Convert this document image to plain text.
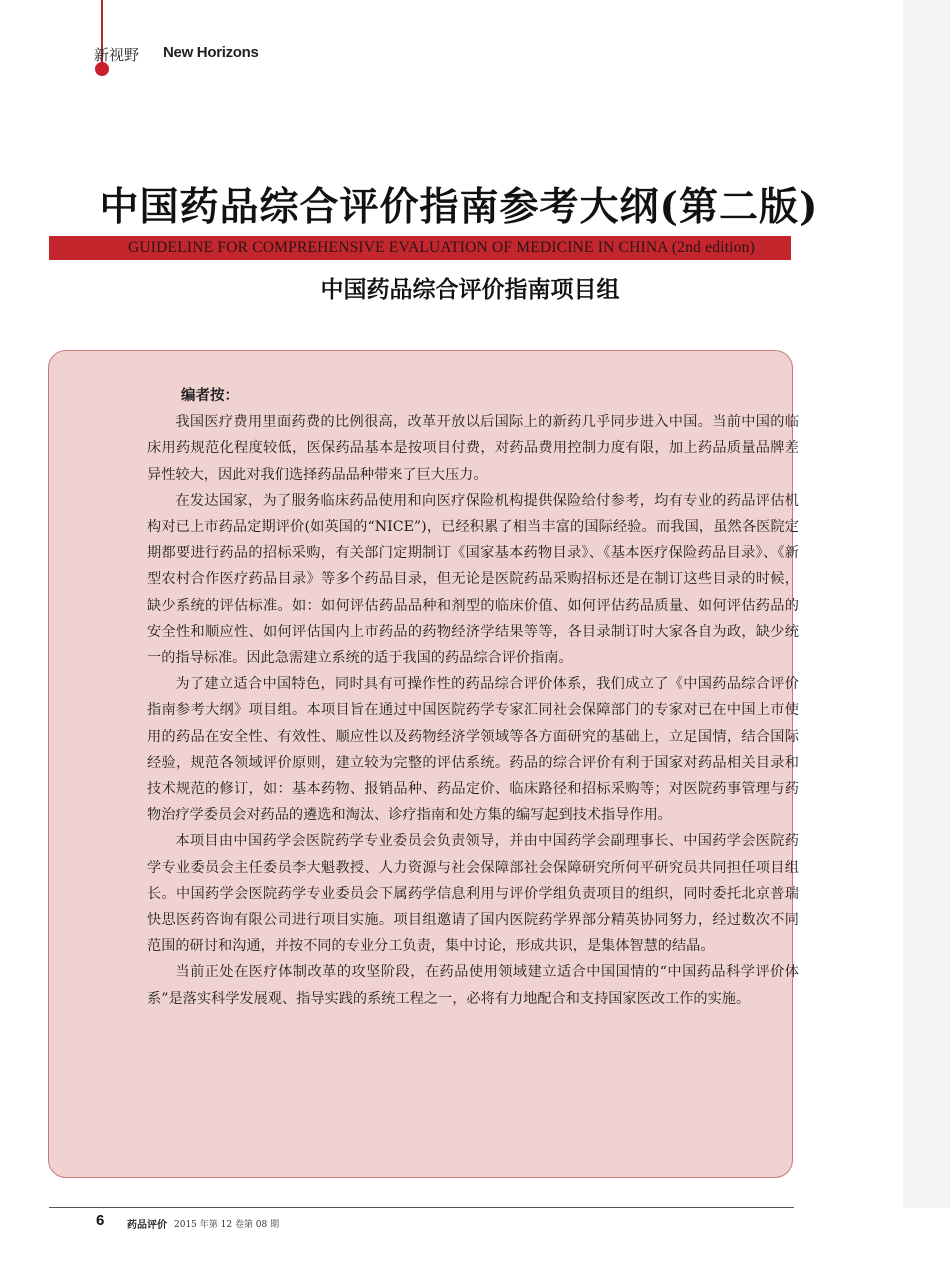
新视野 New Horizons
中国药品综合评价指南参考大纲(第二版)
GUIDELINE FOR COMPREHENSIVE EVALUATION OF MEDICINE IN CHINA (2nd edition)
中国药品综合评价指南项目组
编者按：

我国医疗费用里面药费的比例很高，改革开放以后国际上的新药几乎同步进入中国。当前中国的临床用药规范化程度较低，医保药品基本是按项目付费，对药品费用控制力度有限，加上药品质量品牌差异性较大，因此对我们选择药品品种带来了巨大压力。

在发达国家，为了服务临床药品使用和向医疗保险机构提供保险给付参考，均有专业的药品评估机构对已上市药品定期评价(如英国的“NICE”)，已经积累了相当丰富的国际经验。而我国，虽然各医院定期都要进行药品的招标采购，有关部门定期制订《国家基本药物目录》、《基本医疗保险药品目录》、《新型农村合作医疗药品目录》等多个药品目录，但无论是医院药品采购招标还是在制订这些目录的时候，缺少系统的评估标准。如：如何评估药品品种和剂型的临床价值、如何评估药品质量、如何评估药品的安全性和顺应性、如何评估国内上市药品的药物经济学结果等等，各目录制订时大家各自为政，缺少统一的指导标准。因此急需建立系统的适于我国的药品综合评价指南。

为了建立适合中国特色，同时具有可操作性的药品综合评价体系，我们成立了《中国药品综合评价指南参考大纲》项目组。本项目旨在通过中国医院药学专家汇同社会保障部门的专家对已在中国上市使用的药品在安全性、有效性、顺应性以及药物经济学领域等各方面研究的基础上，立足国情，结合国际经验，规范各领域评价原则，建立较为完整的评估系统。药品的综合评价有利于国家对药品相关目录和技术规范的修订，如：基本药物、报销品种、药品定价、临床路径和招标采购等；对医院药事管理与药物治疗学委员会对药品的遴选和淘汰、诊疗指南和处方集的编写起到技术指导作用。

本项目由中国药学会医院药学专业委员会负责领导，并由中国药学会副理事长、中国药学会医院药学专业委员会主任委员李大魁教授、人力资源与社会保障部社会保障研究所何平研究员共同担任项目组长。中国药学会医院药学专业委员会下属药学信息利用与评价学组负责项目的组织，同时委托北京普瑞快思医药咨询有限公司进行项目实施。项目组邀请了国内医院药学界部分精英协同努力，经过数次不同范围的研讨和沟通，并按不同的专业分工负责，集中讨论，形成共识，是集体智慧的结晶。

当前正处在医疗体制改革的攻坚阶段，在药品使用领域建立适合中国国情的“中国药品科学评价体系”是落实科学发展观、指导实践的系统工程之一，必将有力地配合和支持国家医改工作的实施。

6 药品评价 2015 年第 12 卷第 08 期
